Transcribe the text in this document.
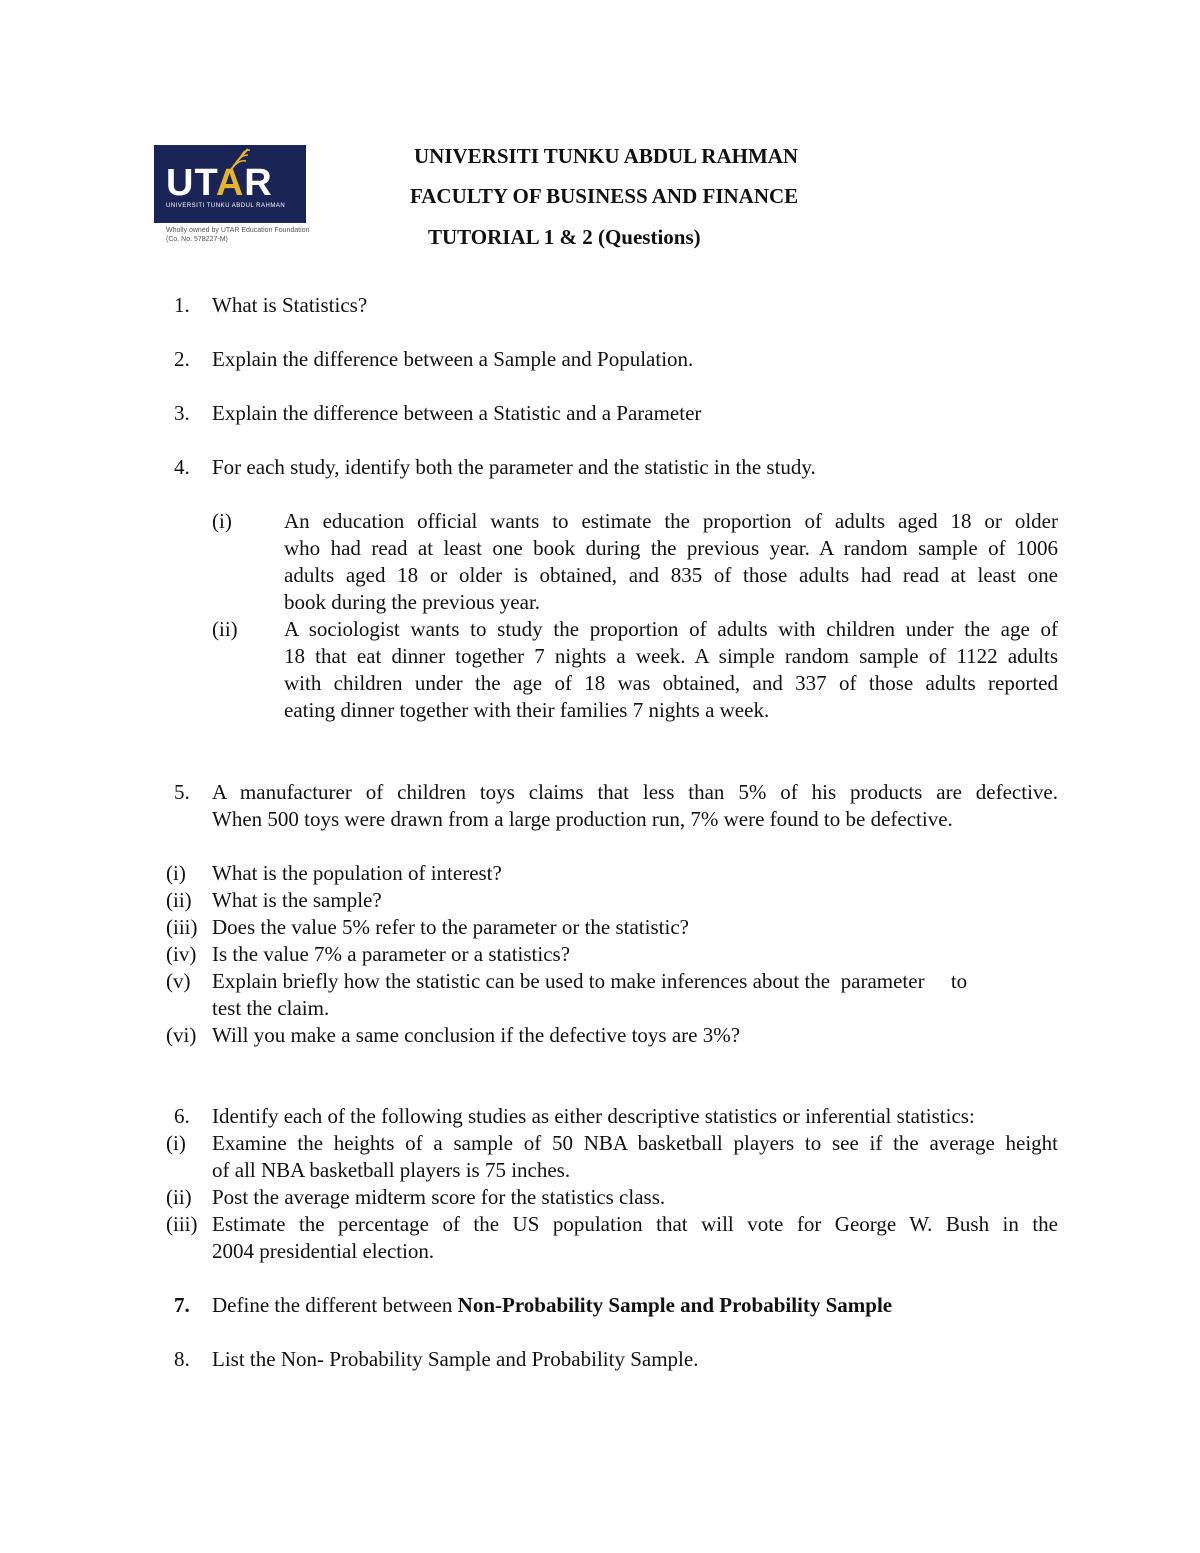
UTAR
UNIVERSITI TUNKU ABDUL RAHMAN
Wholly owned by UTAR Education Foundation
(Co. No. 578227-M)
UNIVERSITI TUNKU ABDUL RAHMAN
FACULTY OF BUSINESS AND FINANCE
TUTORIAL 1 & 2 (Questions)
1. What is Statistics?
2. Explain the difference between a Sample and Population.
3. Explain the difference between a Statistic and a Parameter
4. For each study, identify both the parameter and the statistic in the study.
(i) An education official wants to estimate the proportion of adults aged 18 or older
who had read at least one book during the previous year. A random sample of 1006
adults aged 18 or older is obtained, and 835 of those adults had read at least one
book during the previous year.
(ii) A sociologist wants to study the proportion of adults with children under the age of
18 that eat dinner together 7 nights a week. A simple random sample of 1122 adults
with children under the age of 18 was obtained, and 337 of those adults reported
eating dinner together with their families 7 nights a week.
5. A manufacturer of children toys claims that less than 5% of his products are defective.
When 500 toys were drawn from a large production run, 7% were found to be defective.
(i) What is the population of interest?
(ii) What is the sample?
(iii) Does the value 5% refer to the parameter or the statistic?
(iv) Is the value 7% a parameter or a statistics?
(v) Explain briefly how the statistic can be used to make inferences about the  parameter     to
test the claim.
(vi) Will you make a same conclusion if the defective toys are 3%?
6. Identify each of the following studies as either descriptive statistics or inferential statistics:
(i) Examine the heights of a sample of 50 NBA basketball players to see if the average height
of all NBA basketball players is 75 inches.
(ii) Post the average midterm score for the statistics class.
(iii) Estimate the percentage of the US population that will vote for George W. Bush in the
2004 presidential election.
7. Define the different between Non-Probability Sample and Probability Sample
8. List the Non- Probability Sample and Probability Sample.
